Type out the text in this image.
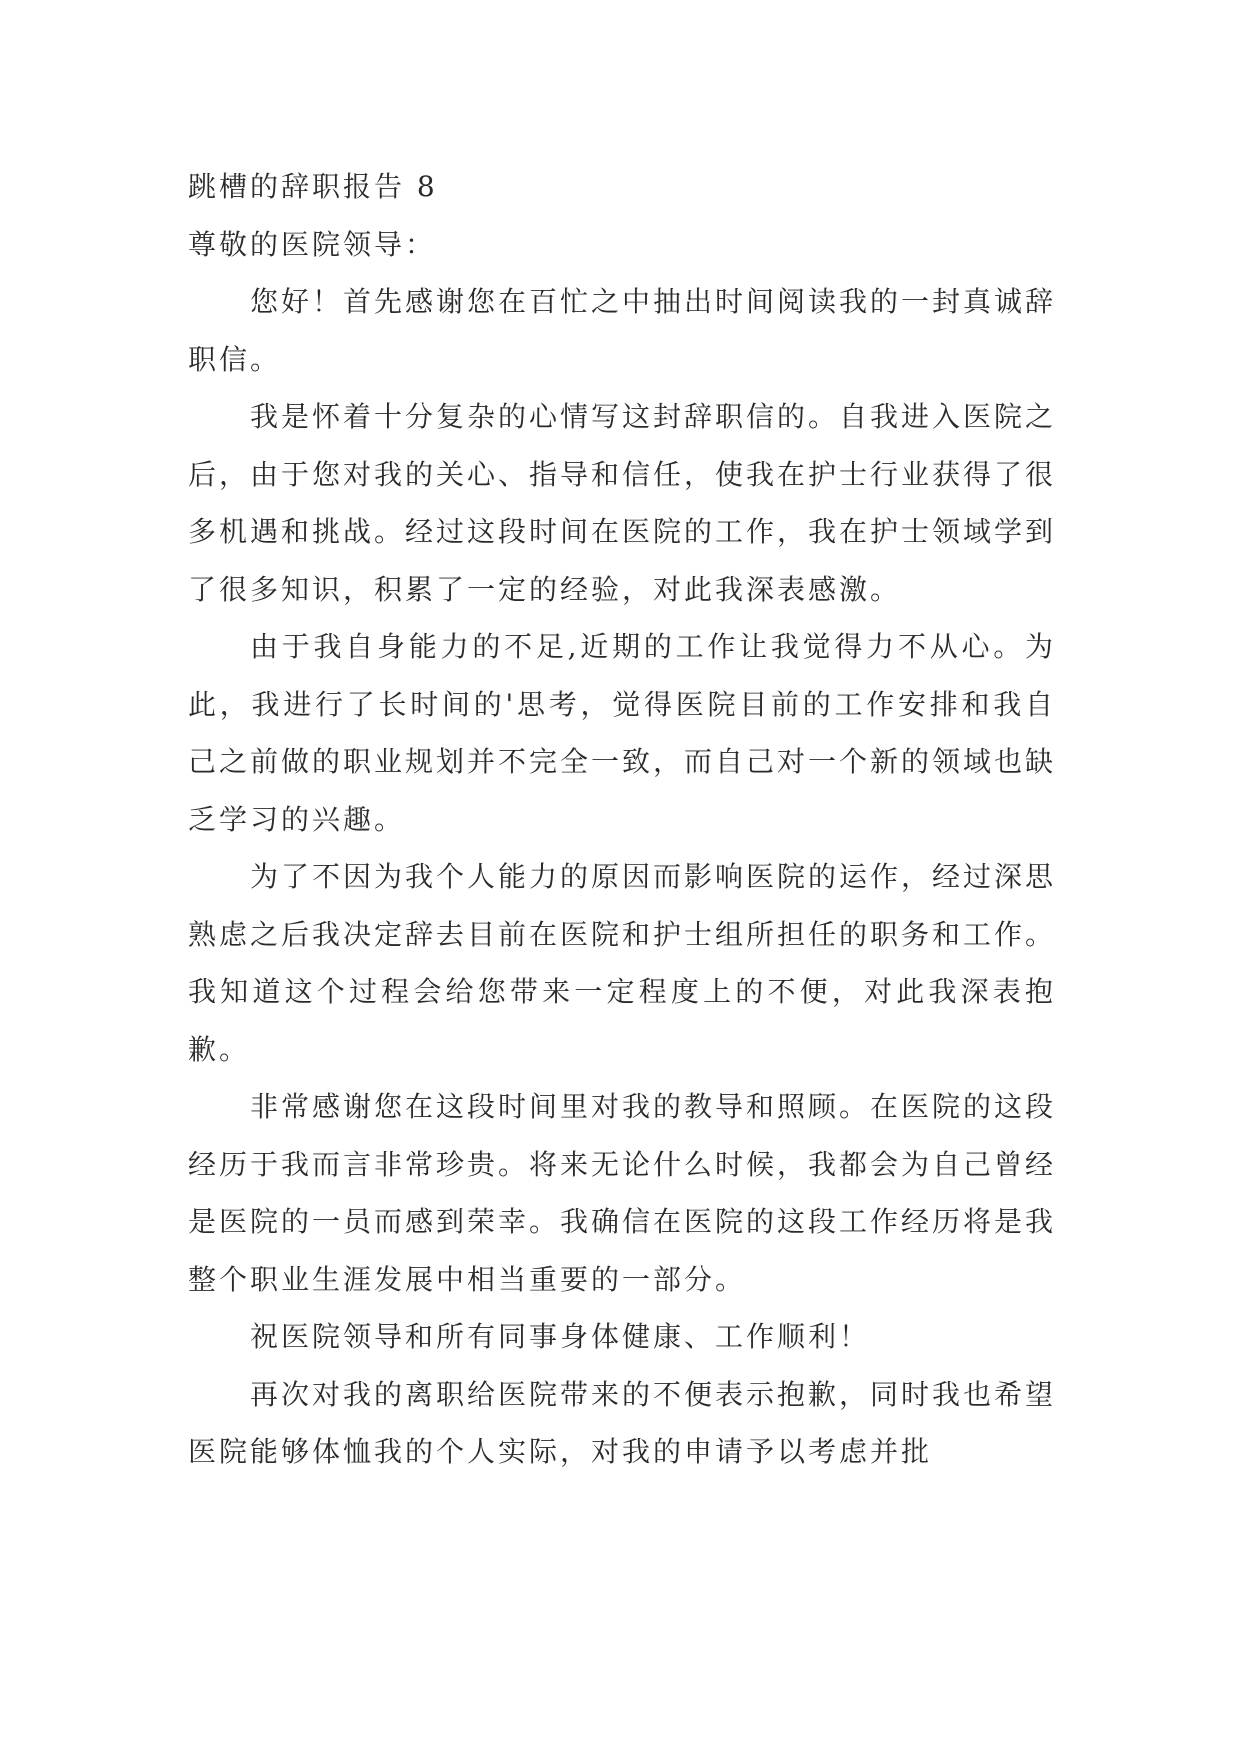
跳槽的辞职报告 8

尊敬的医院领导：

您好！首先感谢您在百忙之中抽出时间阅读我的一封真诚辞职信。

我是怀着十分复杂的心情写这封辞职信的。自我进入医院之后，由于您对我的关心、指导和信任，使我在护士行业获得了很多机遇和挑战。经过这段时间在医院的工作，我在护士领域学到了很多知识，积累了一定的经验，对此我深表感激。

由于我自身能力的不足,近期的工作让我觉得力不从心。为此，我进行了长时间的'思考，觉得医院目前的工作安排和我自己之前做的职业规划并不完全一致，而自己对一个新的领域也缺乏学习的兴趣。

为了不因为我个人能力的原因而影响医院的运作，经过深思熟虑之后我决定辞去目前在医院和护士组所担任的职务和工作。我知道这个过程会给您带来一定程度上的不便，对此我深表抱歉。

非常感谢您在这段时间里对我的教导和照顾。在医院的这段经历于我而言非常珍贵。将来无论什么时候，我都会为自己曾经是医院的一员而感到荣幸。我确信在医院的这段工作经历将是我整个职业生涯发展中相当重要的一部分。

祝医院领导和所有同事身体健康、工作顺利！

再次对我的离职给医院带来的不便表示抱歉，同时我也希望医院能够体恤我的个人实际，对我的申请予以考虑并批
